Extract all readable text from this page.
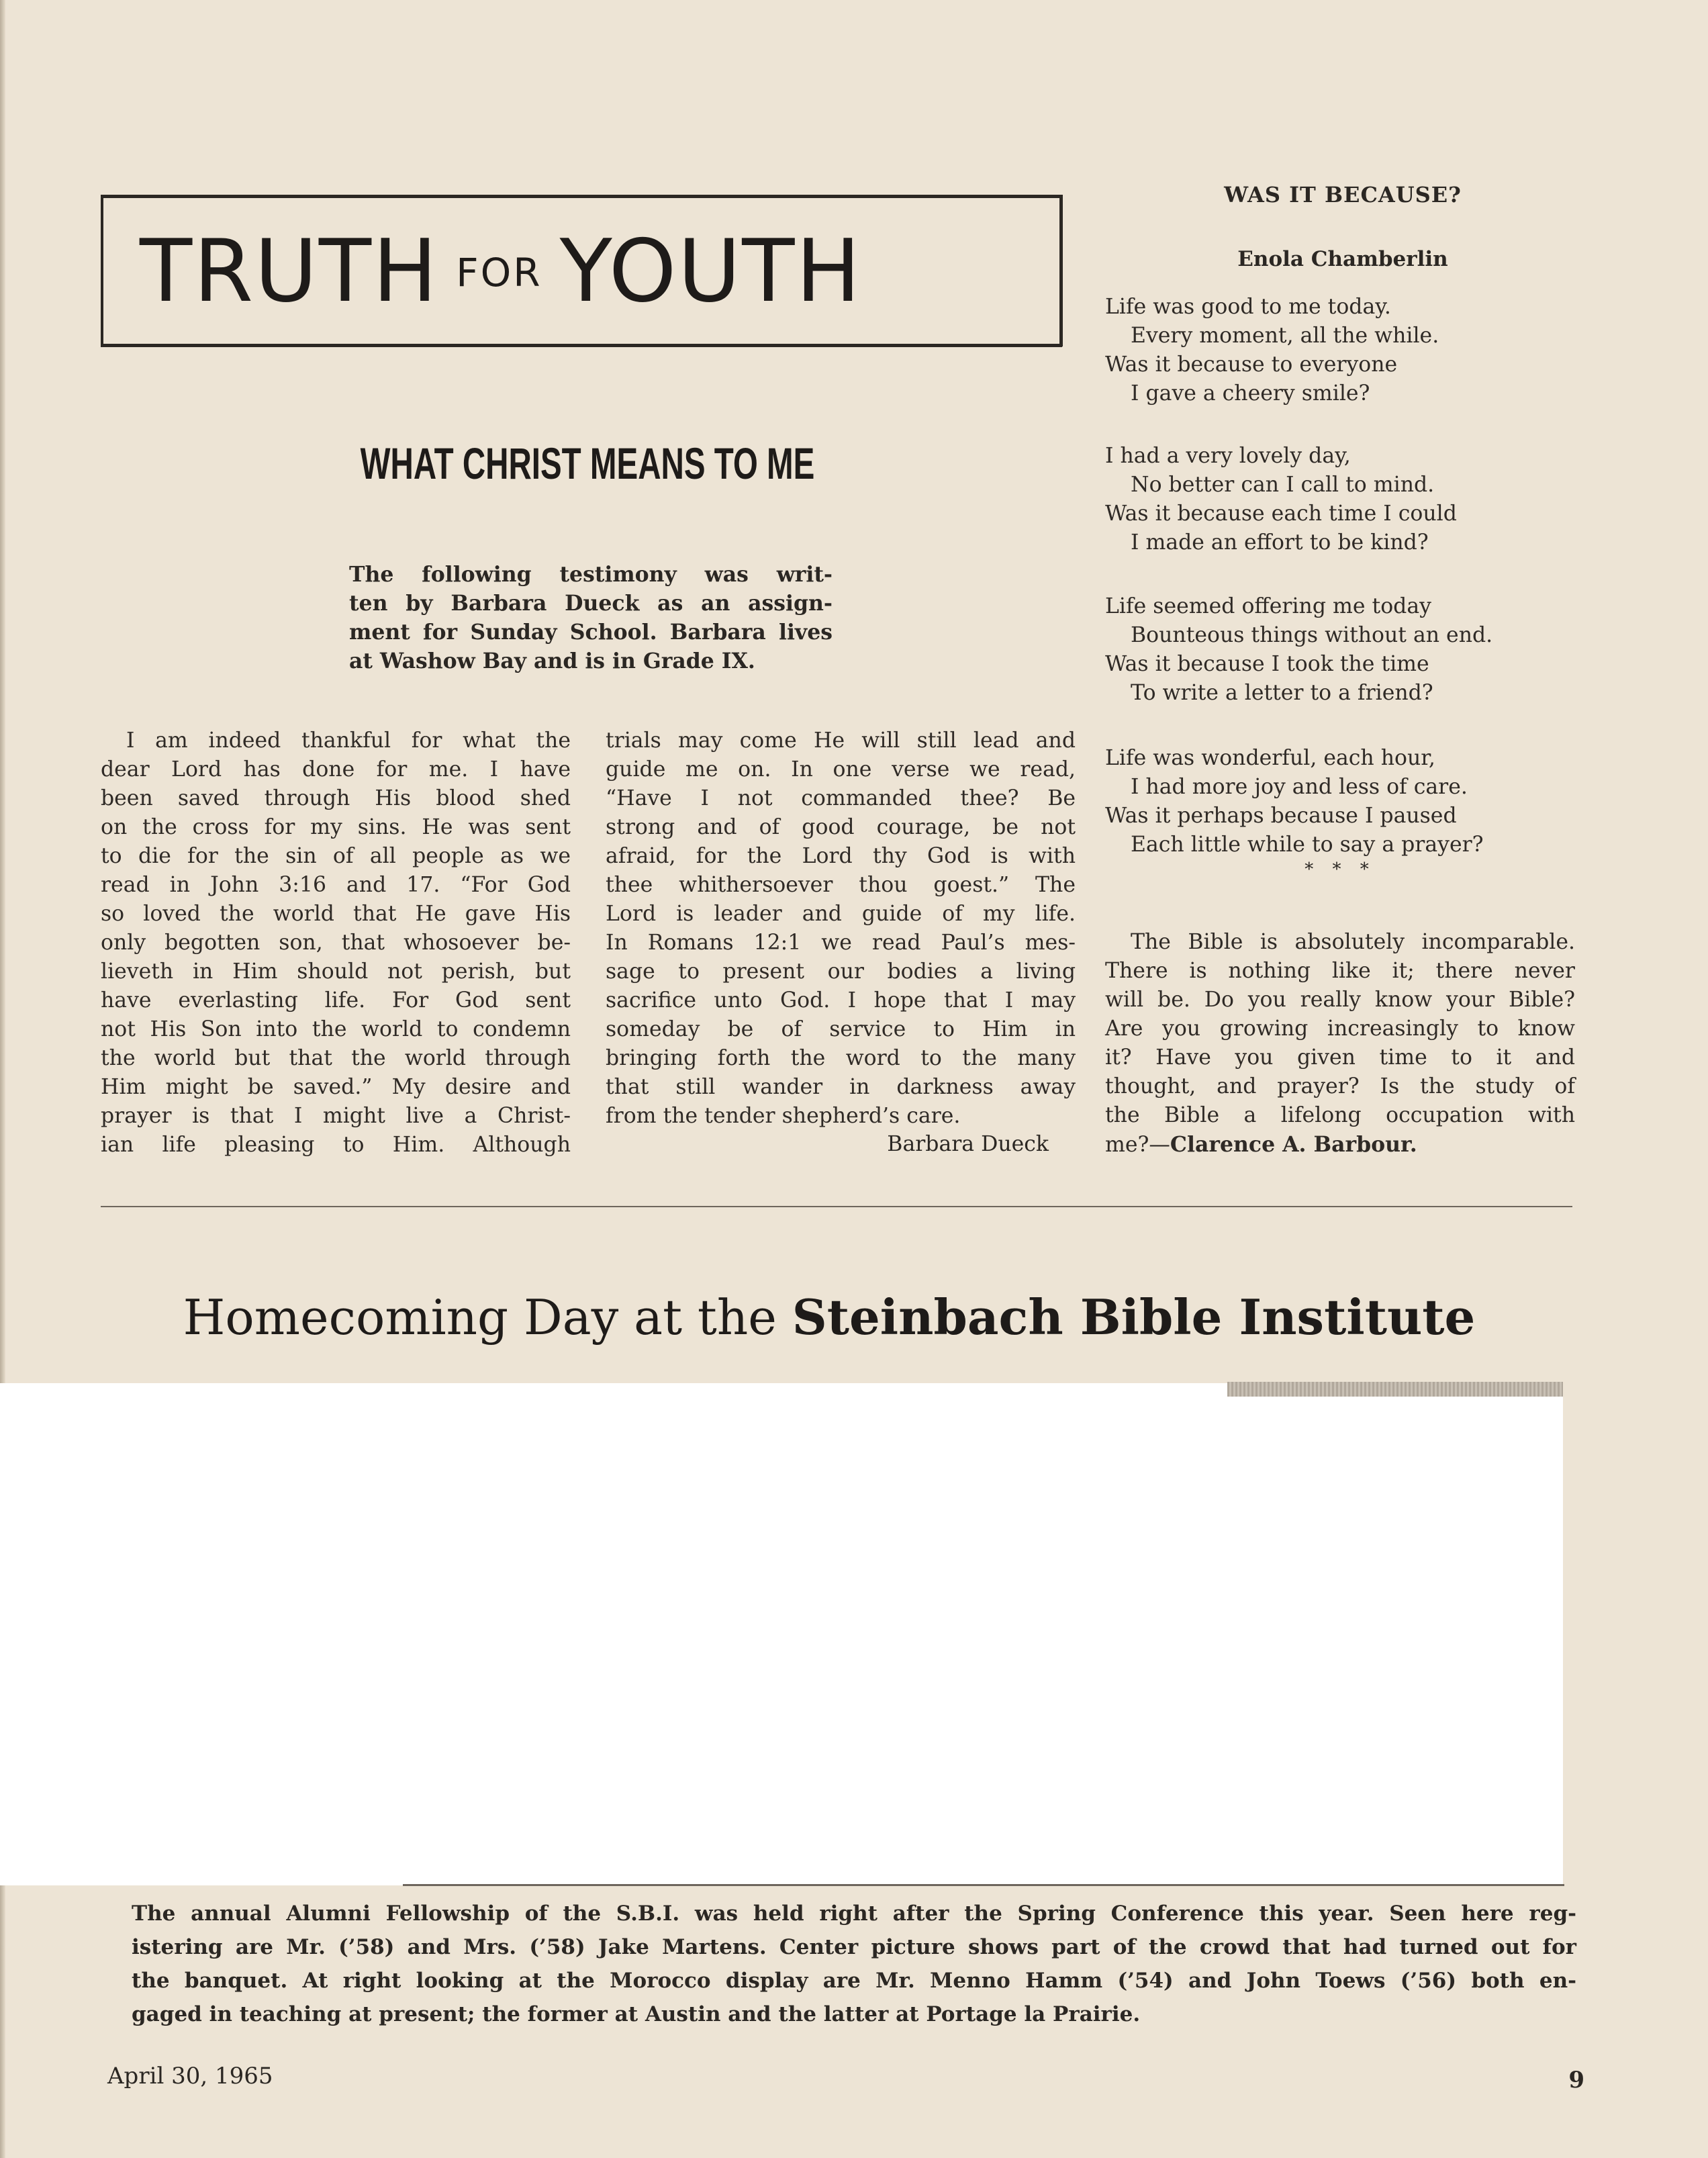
TRUTH FOR YOUTH
WHAT CHRIST MEANS TO ME
The following testimony was writ-
ten by Barbara Dueck as an assign-
ment for Sunday School. Barbara lives
at Washow Bay and is in Grade IX.
I am indeed thankful for what the
dear Lord has done for me. I have
been saved through His blood shed
on the cross for my sins. He was sent
to die for the sin of all people as we
read in John 3:16 and 17. “For God
so loved the world that He gave His
only begotten son, that whosoever be-
lieveth in Him should not perish, but
have everlasting life. For God sent
not His Son into the world to condemn
the world but that the world through
Him might be saved.” My desire and
prayer is that I might live a Christ-
ian life pleasing to Him. Although
trials may come He will still lead and
guide me on. In one verse we read,
“Have I not commanded thee? Be
strong and of good courage, be not
afraid, for the Lord thy God is with
thee whithersoever thou goest.” The
Lord is leader and guide of my life.
In Romans 12:1 we read Paul’s mes-
sage to present our bodies a living
sacrifice unto God. I hope that I may
someday be of service to Him in
bringing forth the word to the many
that still wander in darkness away
from the tender shepherd’s care.
Barbara Dueck
WAS IT BECAUSE?
Enola Chamberlin
Life was good to me today.
Every moment, all the while.
Was it because to everyone
I gave a cheery smile?
I had a very lovely day,
No better can I call to mind.
Was it because each time I could
I made an effort to be kind?
Life seemed offering me today
Bounteous things without an end.
Was it because I took the time
To write a letter to a friend?
Life was wonderful, each hour,
I had more joy and less of care.
Was it perhaps because I paused
Each little while to say a prayer?
* * *
The Bible is absolutely incomparable.
There is nothing like it; there never
will be. Do you really know your Bible?
Are you growing increasingly to know
it? Have you given time to it and
thought, and prayer? Is the study of
the Bible a lifelong occupation with
me?—Clarence A. Barbour.
Homecoming Day at the Steinbach Bible Institute
The annual Alumni Fellowship of the S.B.I. was held right after the Spring Conference this year. Seen here reg-
istering are Mr. (’58) and Mrs. (’58) Jake Martens. Center picture shows part of the crowd that had turned out for
the banquet. At right looking at the Morocco display are Mr. Menno Hamm (’54) and John Toews (’56) both en-
gaged in teaching at present; the former at Austin and the latter at Portage la Prairie.
April 30, 1965	9
